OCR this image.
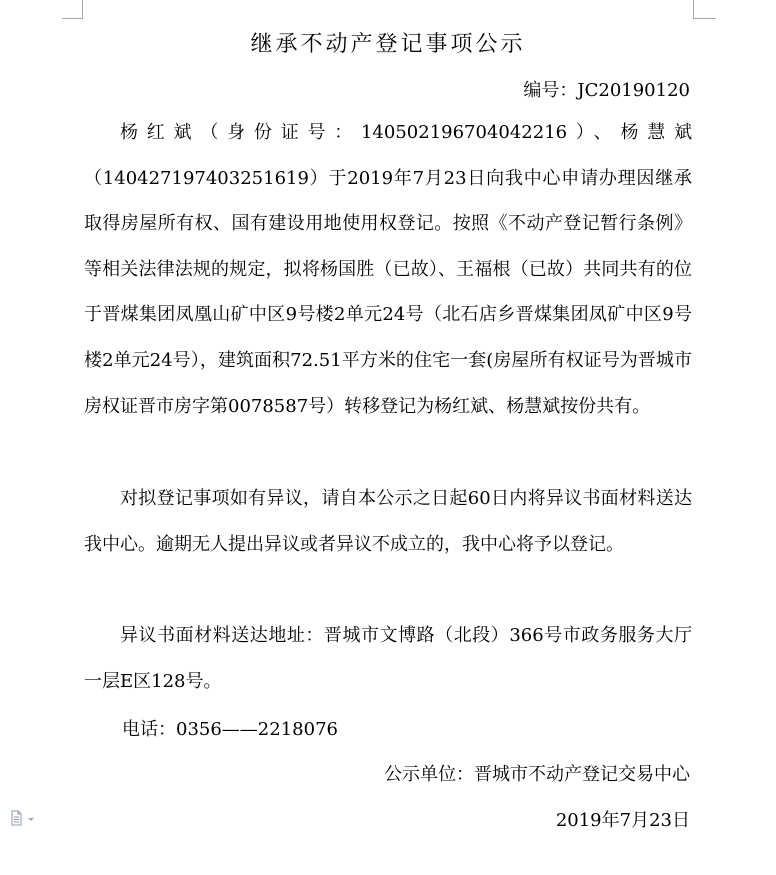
继承不动产登记事项公示
编号：JC20190120

杨红斌（身份证号：140502196704042216）、杨慧斌（140427197403251619）于2019年7月23日向我中心申请办理因继承取得房屋所有权、国有建设用地使用权登记。按照《不动产登记暂行条例》等相关法律法规的规定，拟将杨国胜（已故）、王福根（已故）共同共有的位于晋煤集团凤凰山矿中区9号楼2单元24号（北石店乡晋煤集团凤矿中区9号楼2单元24号），建筑面积72.51平方米的住宅一套(房屋所有权证号为晋城市房权证晋市房字第0078587号）转移登记为杨红斌、杨慧斌按份共有。

对拟登记事项如有异议，请自本公示之日起60日内将异议书面材料送达我中心。逾期无人提出异议或者异议不成立的，我中心将予以登记。

异议书面材料送达地址：晋城市文博路（北段）366号市政务服务大厅一层E区128号。

电话：0356——2218076
公示单位：晋城市不动产登记交易中心
2019年7月23日
